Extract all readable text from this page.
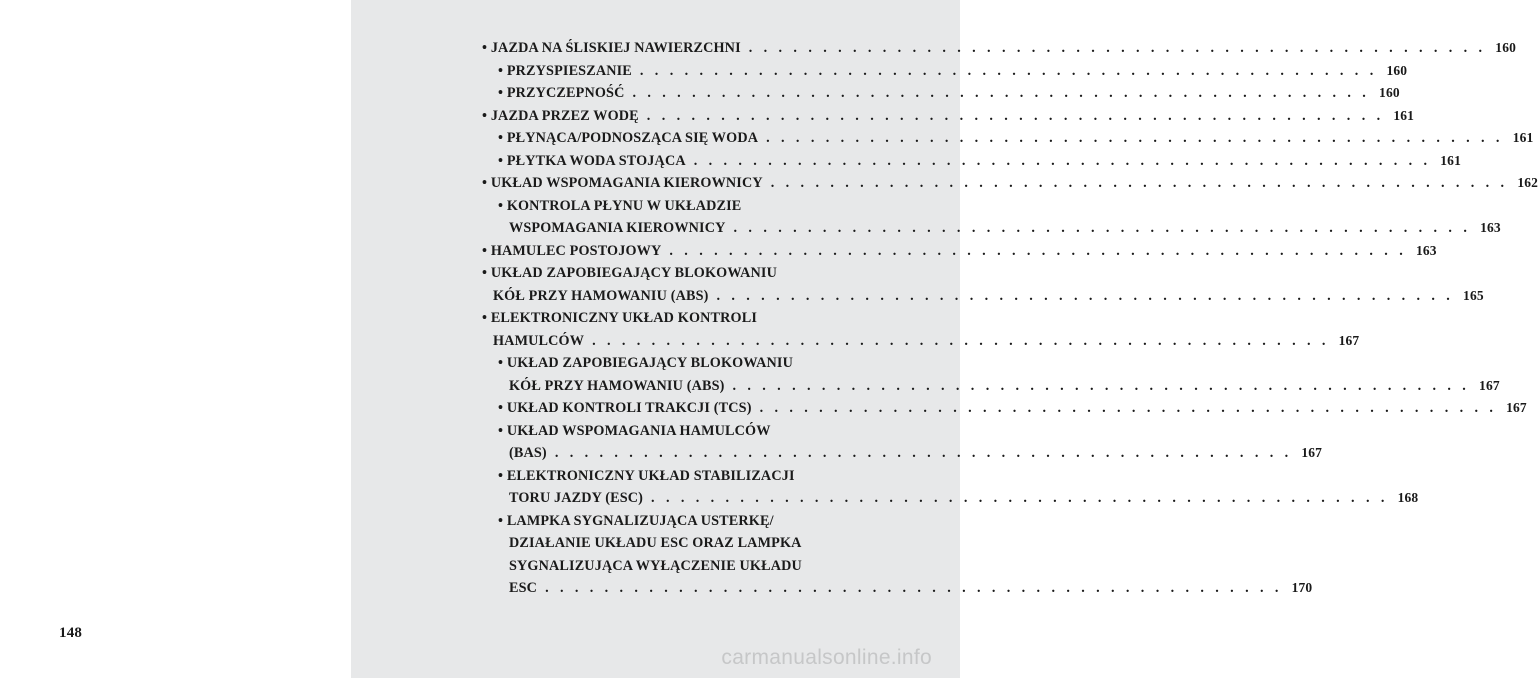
148
• JAZDA NA ŚLISKIEJ NAWIERZCHNI . . . . . . . . . . . . . . . . . . . . . . . . . . . . . . . . . . . . . . . . . . . . . . . . . . 160
• PRZYSPIESZANIE . . . . . . . . . . . . . . . . . . . . . . . . . . . . . . . . . . . . . . . . . . . . . . . . . . 160
• PRZYCZEPNOŚĆ . . . . . . . . . . . . . . . . . . . . . . . . . . . . . . . . . . . . . . . . . . . . . . . . . . 160
• JAZDA PRZEZ WODĘ . . . . . . . . . . . . . . . . . . . . . . . . . . . . . . . . . . . . . . . . . . . . . . . . . . 161
• PŁYNĄCA/PODNOSZĄCA SIĘ WODA . . . . . . . . . . . . . . . . . . . . . . . . . . . . . . . . . . . . . . . . . . . . . . . . . . 161
• PŁYTKA WODA STOJĄCA . . . . . . . . . . . . . . . . . . . . . . . . . . . . . . . . . . . . . . . . . . . . . . . . . . 161
• UKŁAD WSPOMAGANIA KIEROWNICY . . . . . . . . . . . . . . . . . . . . . . . . . . . . . . . . . . . . . . . . . . . . . . . . . . 162
• KONTROLA PŁYNU W UKŁADZIE
WSPOMAGANIA KIEROWNICY . . . . . . . . . . . . . . . . . . . . . . . . . . . . . . . . . . . . . . . . . . . . . . . . . . 163
• HAMULEC POSTOJOWY . . . . . . . . . . . . . . . . . . . . . . . . . . . . . . . . . . . . . . . . . . . . . . . . . . 163
• UKŁAD ZAPOBIEGAJĄCY BLOKOWANIU
KÓŁ PRZY HAMOWANIU (ABS) . . . . . . . . . . . . . . . . . . . . . . . . . . . . . . . . . . . . . . . . . . . . . . . . . . 165
• ELEKTRONICZNY UKŁAD KONTROLI
HAMULCÓW . . . . . . . . . . . . . . . . . . . . . . . . . . . . . . . . . . . . . . . . . . . . . . . . . . 167
• UKŁAD ZAPOBIEGAJĄCY BLOKOWANIU
KÓŁ PRZY HAMOWANIU (ABS) . . . . . . . . . . . . . . . . . . . . . . . . . . . . . . . . . . . . . . . . . . . . . . . . . . 167
• UKŁAD KONTROLI TRAKCJI (TCS) . . . . . . . . . . . . . . . . . . . . . . . . . . . . . . . . . . . . . . . . . . . . . . . . . . 167
• UKŁAD WSPOMAGANIA HAMULCÓW
(BAS) . . . . . . . . . . . . . . . . . . . . . . . . . . . . . . . . . . . . . . . . . . . . . . . . . . 167
• ELEKTRONICZNY UKŁAD STABILIZACJI
TORU JAZDY (ESC) . . . . . . . . . . . . . . . . . . . . . . . . . . . . . . . . . . . . . . . . . . . . . . . . . . 168
• LAMPKA SYGNALIZUJĄCA USTERKĘ/
DZIAŁANIE UKŁADU ESC ORAZ LAMPKA
SYGNALIZUJĄCA WYŁĄCZENIE UKŁADU
ESC . . . . . . . . . . . . . . . . . . . . . . . . . . . . . . . . . . . . . . . . . . . . . . . . . . 170
carmanualsonline.info
